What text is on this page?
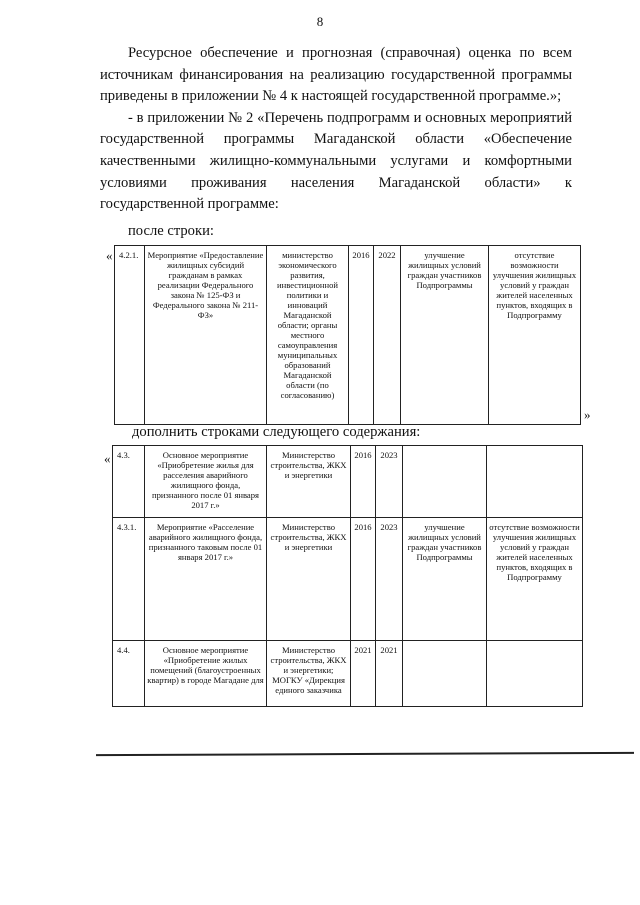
8

Ресурсное обеспечение и прогнозная (справочная) оценка по всем источникам финансирования на реализацию государственной программы приведены в приложении № 4 к настоящей государственной программе.»;

- в приложении № 2 «Перечень подпрограмм и основных мероприятий государственной программы Магаданской области «Обеспечение качественными жилищно-коммунальными услугами и комфортными условиями проживания населения Магаданской области» к государственной программе:

после строки:
« 4.2.1.	Мероприятие «Предоставление жилищных субсидий гражданам в рамках реализации Федерального закона № 125-ФЗ и Федерального закона № 211-ФЗ»	министерство экономического развития, инвестиционной политики и инноваций Магаданской области; органы местного самоуправления муниципальных образований Магаданской области (по согласованию)	2016	2022	улучшение жилищных условий граждан участников Подпрограммы	отсутствие возможности улучшения жилищных условий у граждан жителей населенных пунктов, входящих в Подпрограмму
»
дополнить строками следующего содержания:
« 4.3.	Основное мероприятие «Приобретение жилья для расселения аварийного жилищного фонда, признанного после 01 января 2017 г.»	Министерство строительства, ЖКХ и энергетики	2016	2023		
4.3.1.	Мероприятие «Расселение аварийного жилищного фонда, признанного таковым после 01 января 2017 г.»	Министерство строительства, ЖКХ и энергетики	2016	2023	улучшение жилищных условий граждан участников Подпрограммы	отсутствие возможности улучшения жилищных условий у граждан жителей населенных пунктов, входящих в Подпрограмму
4.4.	Основное мероприятие «Приобретение жилых помещений (благоустроенных квартир) в городе Магадане для	Министерство строительства, ЖКХ и энергетики; МОГКУ «Дирекция единого заказчика	2021	2021		
